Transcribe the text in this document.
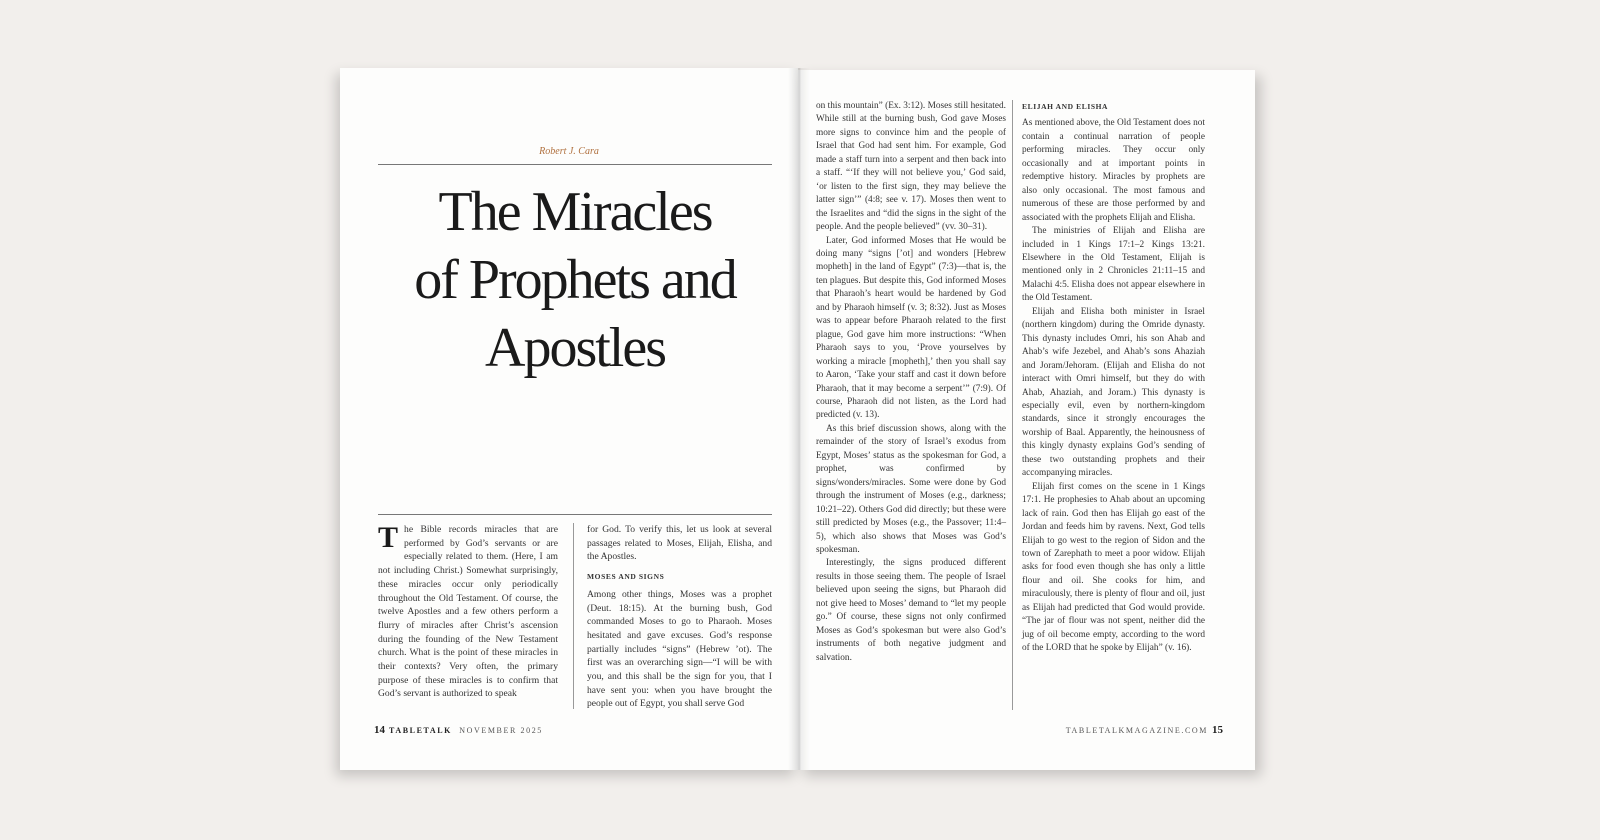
Robert J. Cara
The Miracles
of Prophets and
Apostles

The Bible records miracles that are performed by God’s servants or are especially related to them. (Here, I am not including Christ.) Somewhat surprisingly, these miracles occur only periodically throughout the Old Testament. Of course, the twelve Apostles and a few others perform a flurry of miracles after Christ’s ascension during the founding of the New Testament church. What is the point of these miracles in their contexts? Very often, the primary purpose of these miracles is to confirm that God’s servant is authorized to speak

for God. To verify this, let us look at several passages related to Moses, Elijah, Elisha, and the Apostles.

MOSES AND SIGNS

Among other things, Moses was a prophet (Deut. 18:15). At the burning bush, God commanded Moses to go to Pharaoh. Moses hesitated and gave excuses. God’s response partially includes “signs” (Hebrew ’ot). The first was an overarching sign—“I will be with you, and this shall be the sign for you, that I have sent you: when you have brought the people out of Egypt, you shall serve God

14 TABLETALK NOVEMBER 2025

on this mountain” (Ex. 3:12). Moses still hesitated. While still at the burning bush, God gave Moses more signs to convince him and the people of Israel that God had sent him. For example, God made a staff turn into a serpent and then back into a staff. “‘If they will not believe you,’ God said, ‘or listen to the first sign, they may believe the latter sign’” (4:8; see v. 17). Moses then went to the Israelites and “did the signs in the sight of the people. And the people believed” (vv. 30–31).

Later, God informed Moses that He would be doing many “signs [’ot] and wonders [Hebrew mopheth] in the land of Egypt” (7:3)—that is, the ten plagues. But despite this, God informed Moses that Pharaoh’s heart would be hardened by God and by Pharaoh himself (v. 3; 8:32). Just as Moses was to appear before Pharaoh related to the first plague, God gave him more instructions: “When Pharaoh says to you, ‘Prove yourselves by working a miracle [mopheth],’ then you shall say to Aaron, ‘Take your staff and cast it down before Pharaoh, that it may become a serpent’” (7:9). Of course, Pharaoh did not listen, as the Lord had predicted (v. 13).

As this brief discussion shows, along with the remainder of the story of Israel’s exodus from Egypt, Moses’ status as the spokesman for God, a prophet, was confirmed by signs/wonders/miracles. Some were done by God through the instrument of Moses (e.g., darkness; 10:21–22). Others God did directly; but these were still predicted by Moses (e.g., the Passover; 11:4–5), which also shows that Moses was God’s spokesman.

Interestingly, the signs produced different results in those seeing them. The people of Israel believed upon seeing the signs, but Pharaoh did not give heed to Moses’ demand to “let my people go.” Of course, these signs not only confirmed Moses as God’s spokesman but were also God’s instruments of both negative judgment and salvation.

ELIJAH AND ELISHA

As mentioned above, the Old Testament does not contain a continual narration of people performing miracles. They occur only occasionally and at important points in redemptive history. Miracles by prophets are also only occasional. The most famous and numerous of these are those performed by and associated with the prophets Elijah and Elisha.

The ministries of Elijah and Elisha are included in 1 Kings 17:1–2 Kings 13:21. Elsewhere in the Old Testament, Elijah is mentioned only in 2 Chronicles 21:11–15 and Malachi 4:5. Elisha does not appear elsewhere in the Old Testament.

Elijah and Elisha both minister in Israel (northern kingdom) during the Omride dynasty. This dynasty includes Omri, his son Ahab and Ahab’s wife Jezebel, and Ahab’s sons Ahaziah and Joram/Jehoram. (Elijah and Elisha do not interact with Omri himself, but they do with Ahab, Ahaziah, and Joram.) This dynasty is especially evil, even by northern-kingdom standards, since it strongly encourages the worship of Baal. Apparently, the heinousness of this kingly dynasty explains God’s sending of these two outstanding prophets and their accompanying miracles.

Elijah first comes on the scene in 1 Kings 17:1. He prophesies to Ahab about an upcoming lack of rain. God then has Elijah go east of the Jordan and feeds him by ravens. Next, God tells Elijah to go west to the region of Sidon and the town of Zarephath to meet a poor widow. Elijah asks for food even though she has only a little flour and oil. She cooks for him, and miraculously, there is plenty of flour and oil, just as Elijah had predicted that God would provide. “The jar of flour was not spent, neither did the jug of oil become empty, according to the word of the LORD that he spoke by Elijah” (v. 16).

TABLETALKMAGAZINE.COM 15
